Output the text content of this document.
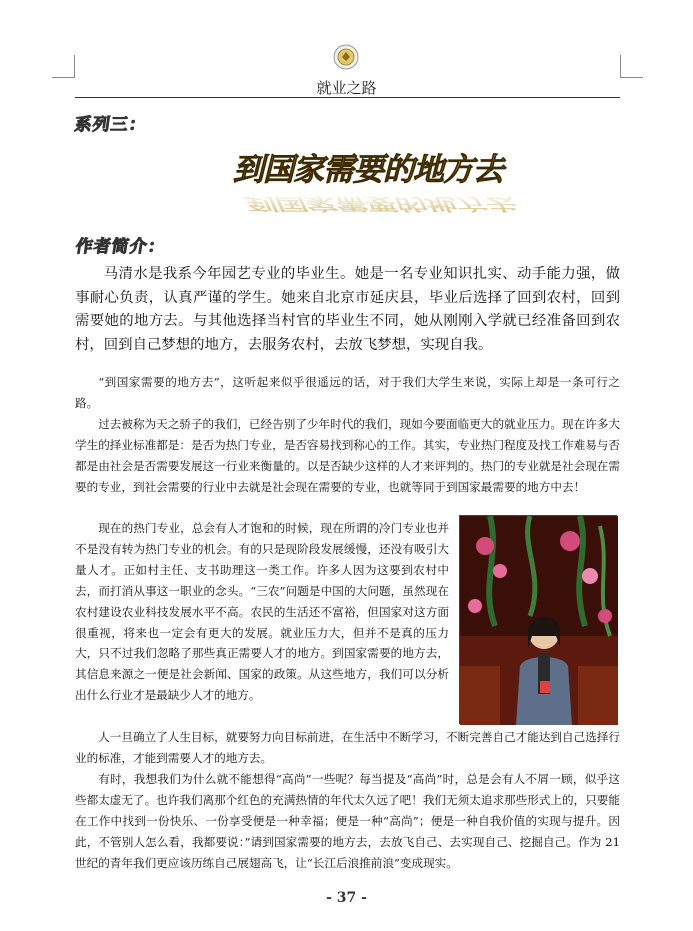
就业之路
系列三：
到国家需要的地方去
到国家需要的地方去
作者简介：

马清水是我系今年园艺专业的毕业生。她是一名专业知识扎实、动手能力强，做事耐心负责，认真严谨的学生。她来自北京市延庆县，毕业后选择了回到农村，回到需要她的地方去。与其他选择当村官的毕业生不同，她从刚刚入学就已经准备回到农村，回到自己梦想的地方，去服务农村，去放飞梦想，实现自我。

“到国家需要的地方去”，这听起来似乎很遥远的话，对于我们大学生来说，实际上却是一条可行之路。

过去被称为天之骄子的我们，已经告别了少年时代的我们，现如今要面临更大的就业压力。现在许多大学生的择业标准都是：是否为热门专业，是否容易找到称心的工作。其实，专业热门程度及找工作难易与否都是由社会是否需要发展这一行业来衡量的。以是否缺少这样的人才来评判的。热门的专业就是社会现在需要的专业，到社会需要的行业中去就是社会现在需要的专业，也就等同于到国家最需要的地方中去！

现在的热门专业，总会有人才饱和的时候，现在所谓的冷门专业也并不是没有转为热门专业的机会。有的只是现阶段发展缓慢，还没有吸引大量人才。正如村主任、支书助理这一类工作。许多人因为这要到农村中去，而打消从事这一职业的念头。“三农”问题是中国的大问题，虽然现在农村建设农业科技发展水平不高。农民的生活还不富裕，但国家对这方面很重视，将来也一定会有更大的发展。就业压力大，但并不是真的压力大，只不过我们忽略了那些真正需要人才的地方。到国家需要的地方去，其信息来源之一便是社会新闻、国家的政策。从这些地方，我们可以分析出什么行业才是最缺少人才的地方。

人一旦确立了人生目标，就要努力向目标前进，在生活中不断学习，不断完善自己才能达到自己选择行业的标准，才能到需要人才的地方去。

有时，我想我们为什么就不能想得“高尚”一些呢？每当提及“高尚”时，总是会有人不屑一顾，似乎这些都太虚无了。也许我们离那个红色的充满热情的年代太久远了吧！我们无须太追求那些形式上的，只要能在工作中找到一份快乐、一份享受便是一种幸福；便是一种“高尚”；便是一种自我价值的实现与提升。因此，不管别人怎么看，我都要说：”请到国家需要的地方去，去放飞自己、去实现自己、挖掘自己。作为 21 世纪的青年我们更应该历练自己展翅高飞，让“长江后浪推前浪”变成现实。

- 37 -
